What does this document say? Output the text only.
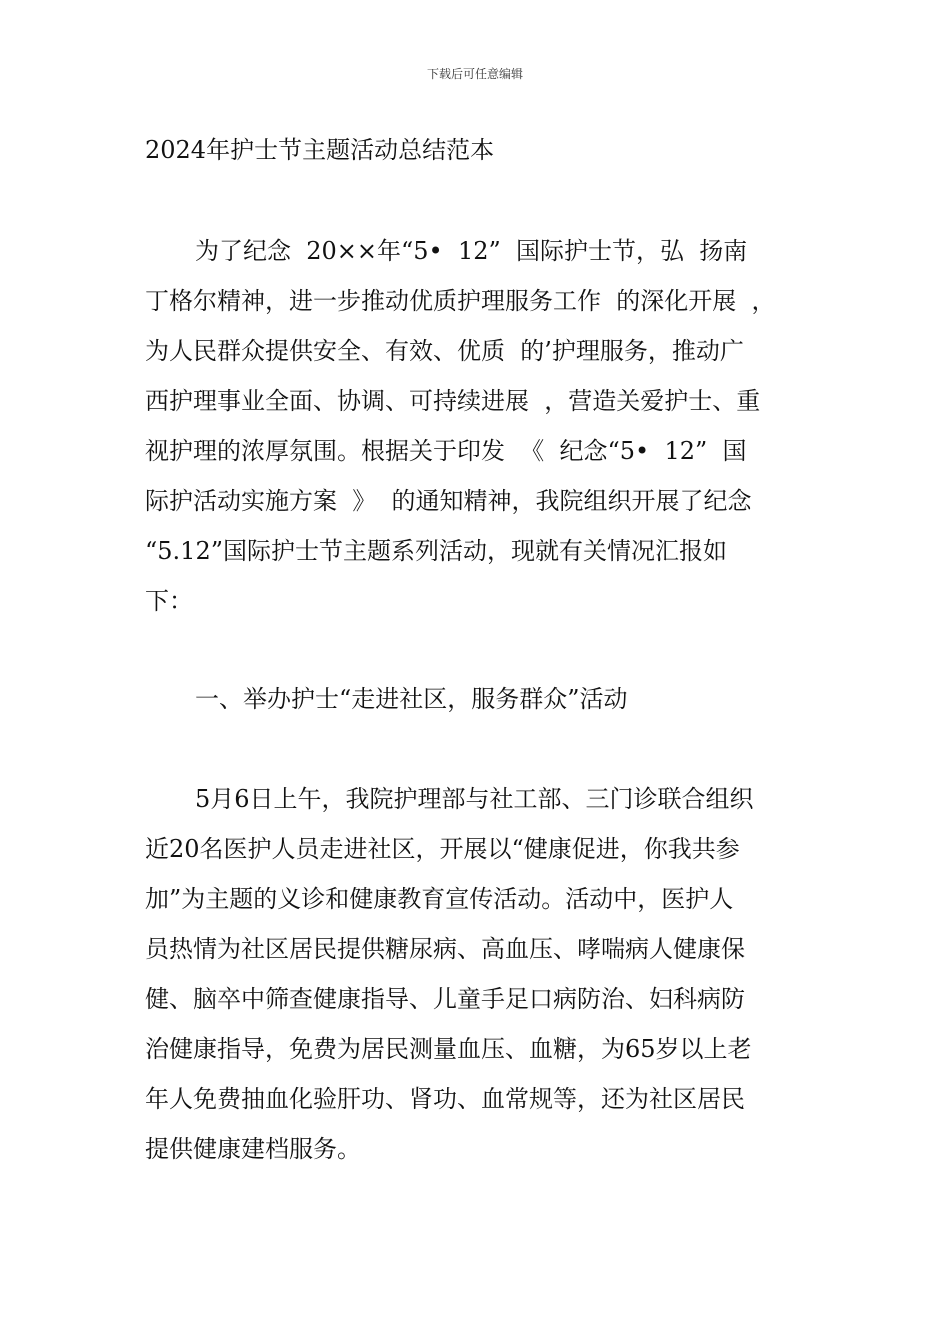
下载后可任意编辑
2024年护士节主题活动总结范本
为了纪念  20××年“5•  12”  国际护士节，弘  扬南
丁格尔精神，进一步推动优质护理服务工作  的深化开展  ，
为人民群众提供安全、有效、优质  的’护理服务，推动广
西护理事业全面、协调、可持续进展  ，营造关爱护士、重
视护理的浓厚氛围。根据关于印发  《  纪念“5•  12”  国
际护活动实施方案  》  的通知精神，我院组织开展了纪念
“5.12”国际护士节主题系列活动，现就有关情况汇报如
下：
一、举办护士“走进社区，服务群众”活动
5月6日上午，我院护理部与社工部、三门诊联合组织
近20名医护人员走进社区，开展以“健康促进，你我共参
加”为主题的义诊和健康教育宣传活动。活动中，医护人
员热情为社区居民提供糖尿病、高血压、哮喘病人健康保
健、脑卒中筛查健康指导、儿童手足口病防治、妇科病防
治健康指导，免费为居民测量血压、血糖，为65岁以上老
年人免费抽血化验肝功、肾功、血常规等，还为社区居民
提供健康建档服务。
